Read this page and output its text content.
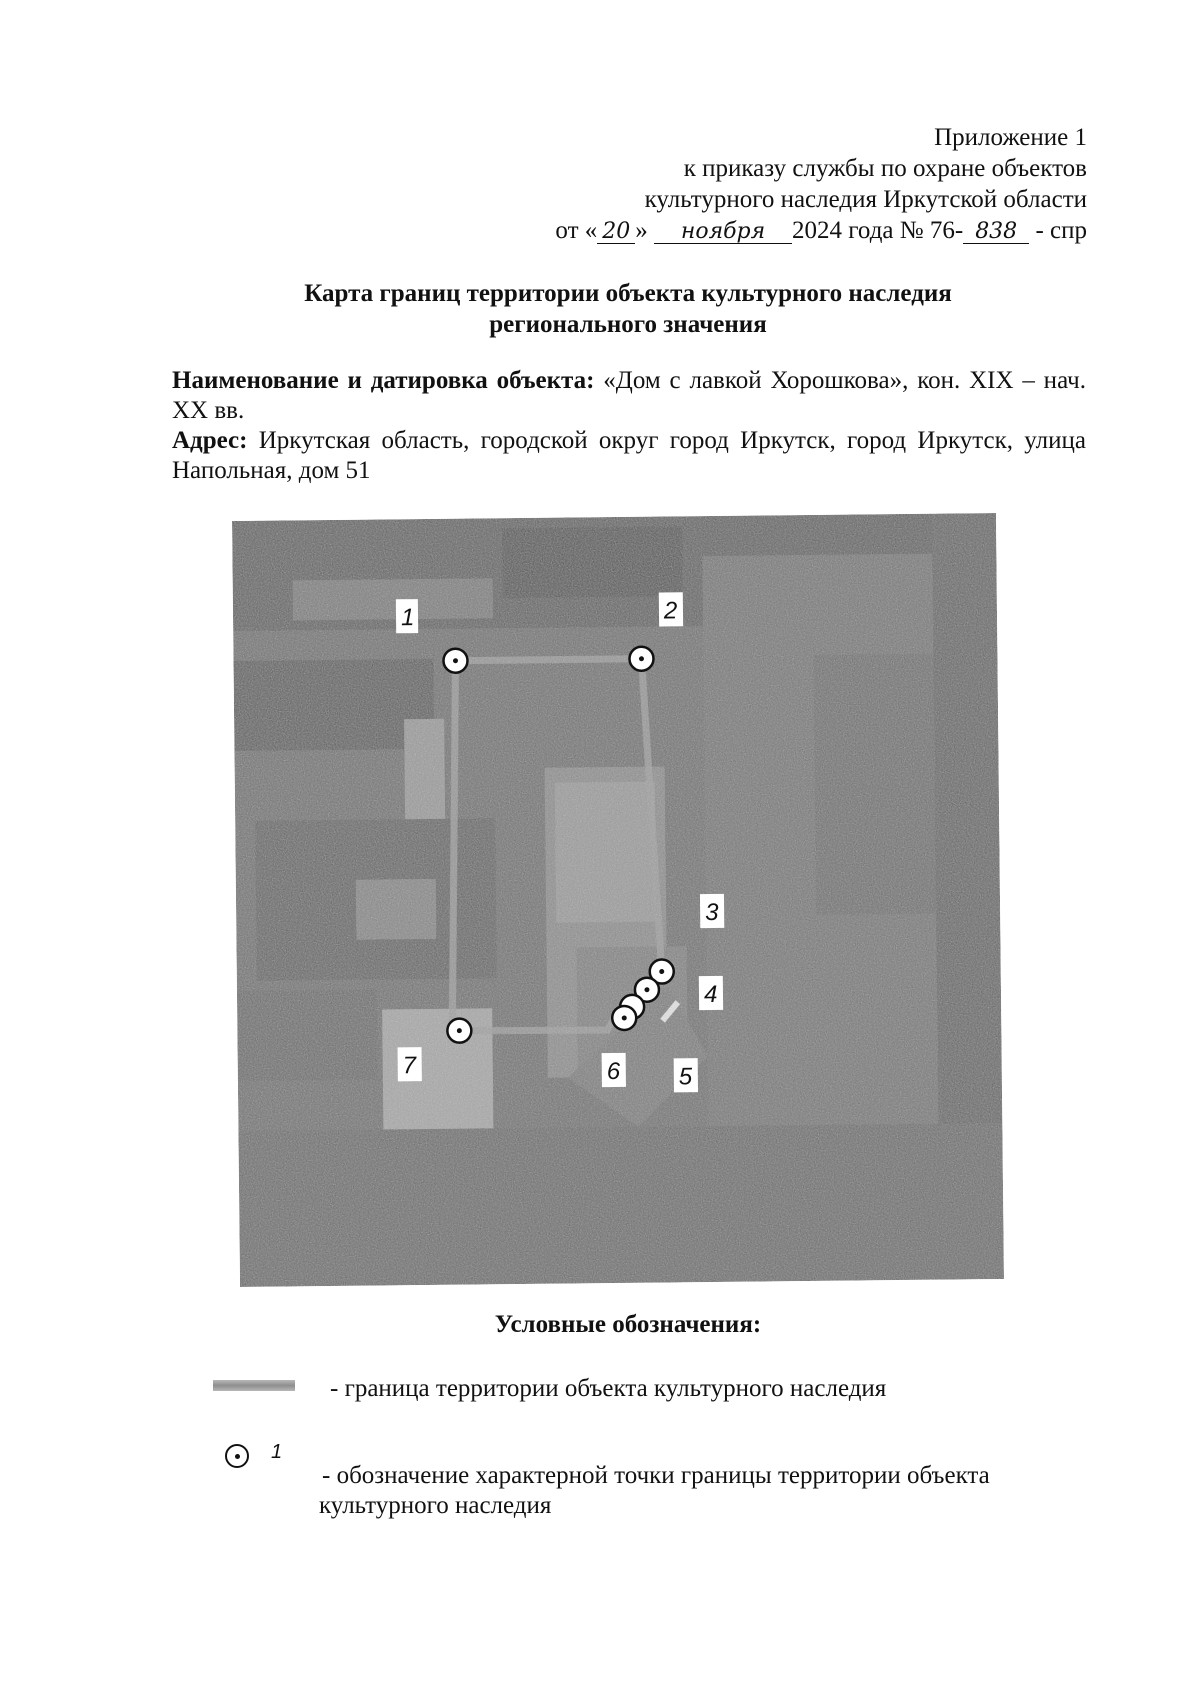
Приложение 1
к приказу службы по охране объектов
культурного наследия Иркутской области
от « 20 » ноября 2024 года № 76- 838 - спр
Карта границ территории объекта культурного наследия
регионального значения
Наименование и датировка объекта: «Дом с лавкой Хорошкова», кон. XIX – нач. XX вв.
Адрес: Иркутская область, городской округ город Иркутск, город Иркутск, улица Напольная, дом 51
1	2
3
4
5
6
7
Условные обозначения:
- граница территории объекта культурного наследия
1
- обозначение характерной точки границы территории объекта
культурного наследия
